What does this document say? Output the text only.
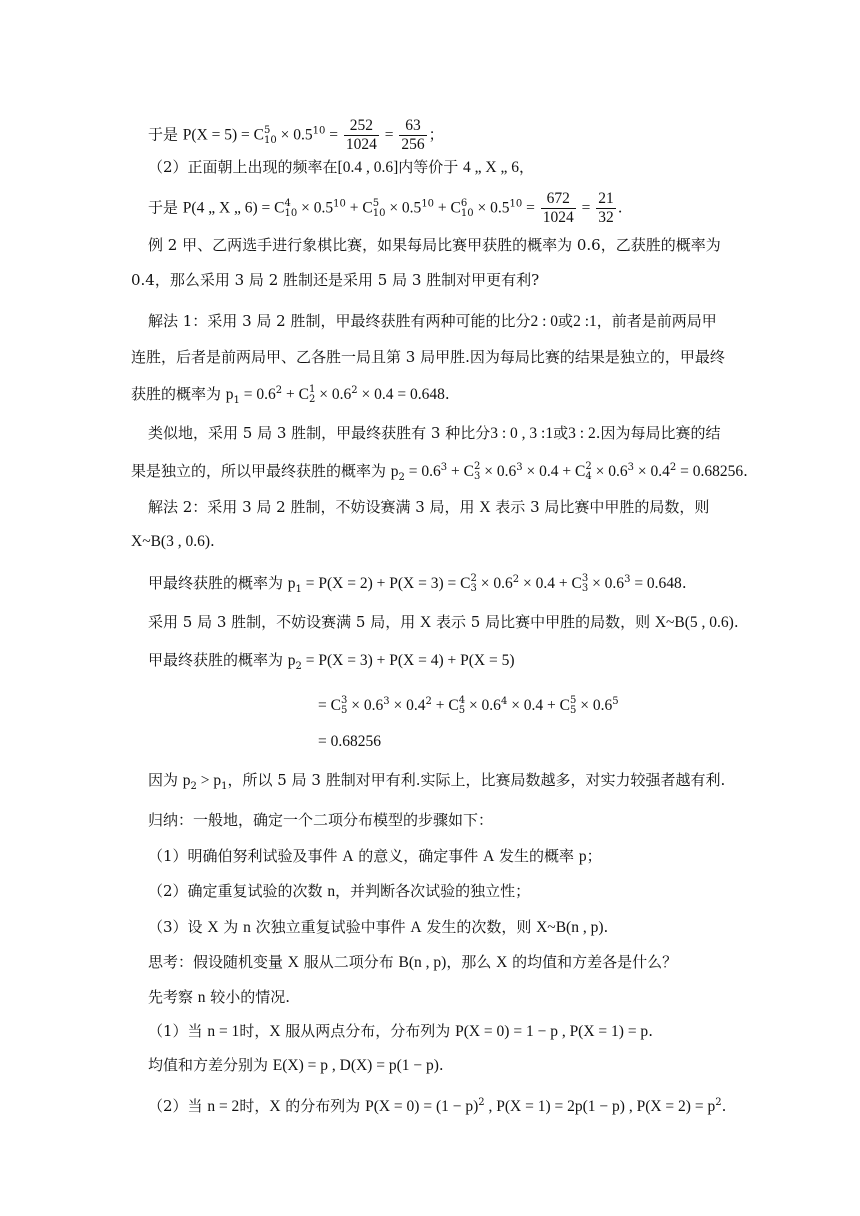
于是 P(X = 5) = C 5
$10 \times 0.5^{10} = \frac{252}{1024} = \frac{63}{256}$ ；
（2）正面朝上出现的频率在[0.4 , 0.6]内等价于 4 „ X „ 6，
于是 P(4 „ X „ 6) = C 4
$10 \times 0.5^{10} + C$ 5
$10 \times 0.5^{10} + C$ 6
$10 \times 0.5^{10} = \frac{672}{1024} = \frac{21}{32}$ .
例 2 甲、乙两选手进行象棋比赛，如果每局比赛甲获胜的概率为 0.6，乙获胜的概率为
0.4，那么采用 3 局 2 胜制还是采用 5 局 3 胜制对甲更有利?
解法 1：采用 3 局 2 胜制，甲最终获胜有两种可能的比分2 : 0或2 :1，前者是前两局甲
连胜，后者是前两局甲、乙各胜一局且第 3 局甲胜.因为每局比赛的结果是独立的，甲最终
获胜的概率为 $p_1 = 0.6^2 + C$ 1
$2 \times 0.6^2 \times 0.4 = 0.648$.
类似地，采用 5 局 3 胜制，甲最终获胜有 3 种比分3 : 0 , 3 :1或3 : 2.因为每局比赛的结
果是独立的，所以甲最终获胜的概率为 $p_2 = 0.6^3 + C$ 2
$3 \times 0.6^3 \times 0.4 + C$ 2
$4 \times 0.6^3 \times 0.4^2 = 0.68256$.
解法 2：采用 3 局 2 胜制，不妨设赛满 3 局，用 X 表示 3 局比赛中甲胜的局数，则
X~B(3 , 0.6).
甲最终获胜的概率为 $p_1 = P(X = 2) + P(X = 3) = C$ 2
$3 \times 0.6^2 \times 0.4 + C$ 3
$3 \times 0.6^3 = 0.648$.
采用 5 局 3 胜制，不妨设赛满 5 局，用 X 表示 5 局比赛中甲胜的局数，则 X~B(5 , 0.6).
甲最终获胜的概率为 $p_2 = P(X = 3) + P(X = 4) + P(X = 5)$
= C 3
$5 \times 0.6^3 \times 0.4^2 + C$ 4
$5 \times 0.6^4 \times 0.4 + C$ 5
$5 \times 0.6^5$
= 0.68256
因为 $p_2 > p_1$，所以 5 局 3 胜制对甲有利.实际上，比赛局数越多，对实力较强者越有利.
归纳：一般地，确定一个二项分布模型的步骤如下：
（1）明确伯努利试验及事件 A 的意义，确定事件 A 发生的概率 p；
（2）确定重复试验的次数 n，并判断各次试验的独立性；
（3）设 X 为 n 次独立重复试验中事件 A 发生的次数，则 X~B(n , p).
思考：假设随机变量 X 服从二项分布 B(n , p)，那么 X 的均值和方差各是什么？
先考察 n 较小的情况.
（1）当 n = 1时，X 服从两点分布，分布列为 P(X = 0) = 1 − p , P(X = 1) = p.
均值和方差分别为 E(X) = p , D(X) = p(1 − p).
（2）当 n = 2时，X 的分布列为 $P(X = 0) = (1 - p)^2$ , P(X = 1) = 2p(1 − p) , $P(X = 2) = p^2$.
